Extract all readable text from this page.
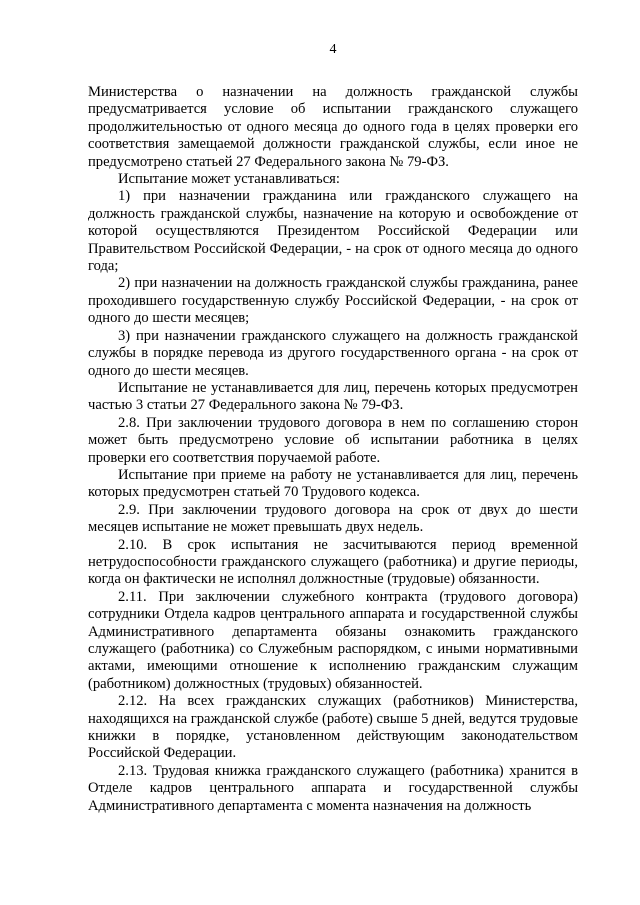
4

Министерства о назначении на должность гражданской службы предусматривается условие об испытании гражданского служащего продолжительностью от одного месяца до одного года в целях проверки его соответствия замещаемой должности гражданской службы, если иное не предусмотрено статьей 27 Федерального закона № 79-ФЗ.

Испытание может устанавливаться:

1) при назначении гражданина или гражданского служащего на должность гражданской службы, назначение на которую и освобождение от которой осуществляются Президентом Российской Федерации или Правительством Российской Федерации, - на срок от одного месяца до одного года;

2) при назначении на должность гражданской службы гражданина, ранее проходившего государственную службу Российской Федерации, - на срок от одного до шести месяцев;

3) при назначении гражданского служащего на должность гражданской службы в порядке перевода из другого государственного органа - на срок от одного до шести месяцев.

Испытание не устанавливается для лиц, перечень которых предусмотрен частью 3 статьи 27 Федерального закона № 79-ФЗ.

2.8. При заключении трудового договора в нем по соглашению сторон может быть предусмотрено условие об испытании работника в целях проверки его соответствия поручаемой работе.

Испытание при приеме на работу не устанавливается для лиц, перечень которых предусмотрен статьей 70 Трудового кодекса.

2.9. При заключении трудового договора на срок от двух до шести месяцев испытание не может превышать двух недель.

2.10. В срок испытания не засчитываются период временной нетрудоспособности гражданского служащего (работника) и другие периоды, когда он фактически не исполнял должностные (трудовые) обязанности.

2.11. При заключении служебного контракта (трудового договора) сотрудники Отдела кадров центрального аппарата и государственной службы Административного департамента обязаны ознакомить гражданского служащего (работника) со Служебным распорядком, с иными нормативными актами, имеющими отношение к исполнению гражданским служащим (работником) должностных (трудовых) обязанностей.

2.12. На всех гражданских служащих (работников) Министерства, находящихся на гражданской службе (работе) свыше 5 дней, ведутся трудовые книжки в порядке, установленном действующим законодательством Российской Федерации.

2.13. Трудовая книжка гражданского служащего (работника) хранится в Отделе кадров центрального аппарата и государственной службы Административного департамента с момента назначения на должность
